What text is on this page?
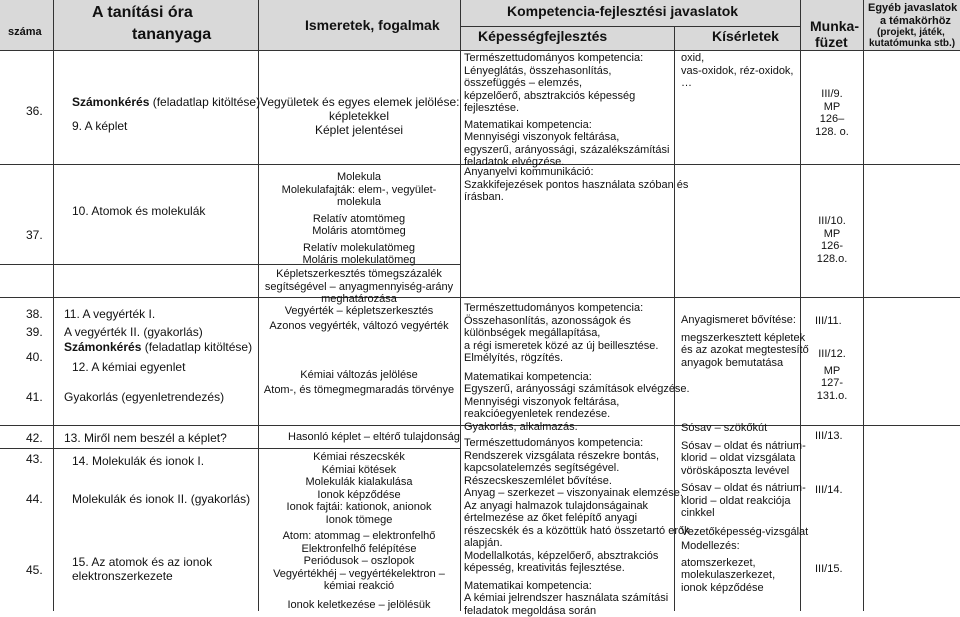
száma
A tanítási óra
tananyaga
Ismeretek, fogalmak
Kompetencia-fejlesztési javaslatok
Képességfejlesztés	Kísérletek
Munka-
füzet
Egyéb javaslatok
a témakörhöz
(projekt, játék,
kutatómunka stb.)
36.
Számonkérés (feladatlap kitöltése)
9. A képlet
Vegyületek és egyes elemek jelölése:
képletekkel
Képlet jelentései
Természettudományos kompetencia:
Lényeglátás, összehasonlítás,
összefüggés – elemzés,
képzelőerő, absztrakciós képesség
fejlesztése.
Matematikai kompetencia:
Mennyiségi viszonyok feltárása,
egyszerű, arányossági, százalékszámítási
feladatok elvégzése.
oxid,
vas-oxidok, réz-oxidok,
…
III/9.
MP
126–
128. o.
37.
10. Atomok és molekulák
Molekula
Molekulafajták: elem-, vegyület-
molekula
Relatív atomtömeg
Moláris atomtömeg
Relatív molekulatömeg
Moláris molekulatömeg
Anyanyelvi kommunikáció:
Szakkifejezések pontos használata szóban és
írásban.
III/10.
MP
126-
128.o.
Képletszerkesztés tömegszázalék
segítségével – anyagmennyiség-arány
meghatározása
38. 11. A vegyérték I.
39. A vegyérték II. (gyakorlás)
40.
Számonkérés (feladatlap kitöltése)
12. A kémiai egyenlet
41. Gyakorlás (egyenletrendezés)
Vegyérték – képletszerkesztés
Azonos vegyérték, változó vegyérték
Kémiai változás jelölése
Atom-, és tömegmegmaradás törvénye
Természettudományos kompetencia:
Összehasonlítás, azonosságok és
különbségek megállapítása,
a régi ismeretek közé az új beillesztése.
Elmélyítés, rögzítés.
Matematikai kompetencia:
Egyszerű, arányossági számítások elvégzése.
Mennyiségi viszonyok feltárása,
reakcióegyenletek rendezése.
Gyakorlás, alkalmazás.
Anyagismeret bővítése:
megszerkesztett képletek
és az azokat megtestesítő
anyagok bemutatása
III/11.
III/12.
MP
127-
131.o.
42. 13. Miről nem beszél a képlet?	Hasonló képlet – eltérő tulajdonság
43. 14. Molekulák és ionok I.
44. Molekulák és ionok II. (gyakorlás)
45.
15. Az atomok és az ionok
elektronszerkezete
Kémiai részecskék
Kémiai kötések
Molekulák kialakulása
Ionok képződése
Ionok fajtái: kationok, anionok
Ionok tömege
Atom: atommag – elektronfelhő
Elektronfelhő felépítése
Periódusok – oszlopok
Vegyértékhéj – vegyértékelektron –
kémiai reakció
Ionok keletkezése – jelölésük
Természettudományos kompetencia:
Rendszerek vizsgálata részekre bontás,
kapcsolatelemzés segítségével.
Részecskeszemlélet bővítése.
Anyag – szerkezet – viszonyainak elemzése.
Az anyagi halmazok tulajdonságainak
értelmezése az őket felépítő anyagi
részecskék és a közöttük ható összetartó erők
alapján.
Modellalkotás, képzelőerő, absztrakciós
képesség, kreativitás fejlesztése.
Matematikai kompetencia:
A kémiai jelrendszer használata számítási
feladatok megoldása során
Sósav – szökőkút
Sósav – oldat és nátrium-
klorid – oldat vizsgálata
vöröskáposzta levével
Sósav – oldat és nátrium-
klorid – oldat reakciója
cinkkel
Vezetőképesség-vizsgálat
Modellezés:
atomszerkezet,
molekulaszerkezet,
ionok képződése
III/13.
III/14.
III/15.
